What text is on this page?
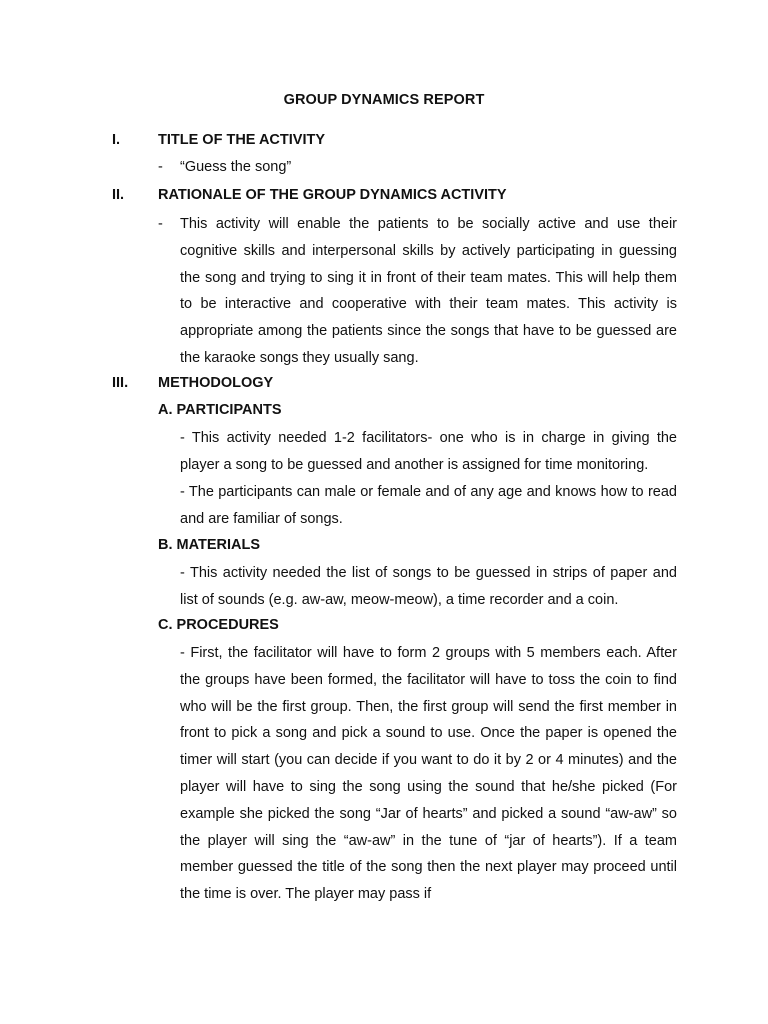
GROUP DYNAMICS REPORT
I.	TITLE OF THE ACTIVITY
-	“Guess the song”
II.	RATIONALE OF THE GROUP DYNAMICS ACTIVITY
-	This activity will enable the patients to be socially active and use their cognitive skills and interpersonal skills by actively participating in guessing the song and trying to sing it in front of their team mates. This will help them to be interactive and cooperative with their team mates. This activity is appropriate among the patients since the songs that have to be guessed are the karaoke songs they usually sang.

III.	METHODOLOGY
A. PARTICIPANTS

- This activity needed 1-2 facilitators- one who is in charge in giving the player a song to be guessed and another is assigned for time monitoring.

- The participants can male or female and of any age and knows how to read and are familiar of songs.

B. MATERIALS

- This activity needed the list of songs to be guessed in strips of paper and list of sounds (e.g. aw-aw, meow-meow), a time recorder and a coin.

C. PROCEDURES

- First, the facilitator will have to form 2 groups with 5 members each. After the groups have been formed, the facilitator will have to toss the coin to find who will be the first group. Then, the first group will send the first member in front to pick a song and pick a sound to use. Once the paper is opened the timer will start (you can decide if you want to do it by 2 or 4 minutes) and the player will have to sing the song using the sound that he/she picked (For example she picked the song “Jar of hearts” and picked a sound “aw-aw” so the player will sing the “aw-aw” in the tune of “jar of hearts”). If a team member guessed the title of the song then the next player may proceed until the time is over. The player may pass if
